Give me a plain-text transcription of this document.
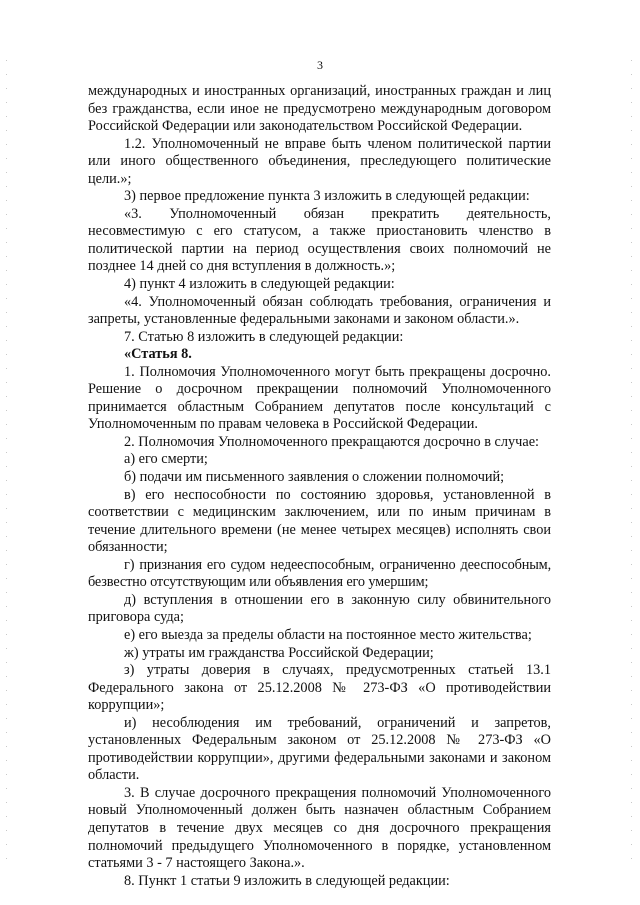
3

международных и иностранных организаций, иностранных граждан и лиц без гражданства, если иное не предусмотрено международным договором Российской Федерации или законодательством Российской Федерации.

1.2. Уполномоченный не вправе быть членом политической партии или иного общественного объединения, преследующего политические цели.»;

3) первое предложение пункта 3 изложить в следующей редакции:

«3. Уполномоченный обязан прекратить деятельность, несовместимую с его статусом, а также приостановить членство в политической партии на период осуществления своих полномочий не позднее 14 дней со дня вступления в должность.»;

4) пункт 4 изложить в следующей редакции:

«4. Уполномоченный обязан соблюдать требования, ограничения и запреты, установленные федеральными законами и законом области.».

7. Статью 8 изложить в следующей редакции:

«Статья 8.

1. Полномочия Уполномоченного могут быть прекращены досрочно. Решение о досрочном прекращении полномочий Уполномоченного принимается областным Собранием депутатов после консультаций с Уполномоченным по правам человека в Российской Федерации.

2. Полномочия Уполномоченного прекращаются досрочно в случае:

а) его смерти;

б) подачи им письменного заявления о сложении полномочий;

в) его неспособности по состоянию здоровья, установленной в соответствии с медицинским заключением, или по иным причинам в течение длительного времени (не менее четырех месяцев) исполнять свои обязанности;

г) признания его судом недееспособным, ограниченно дееспособным, безвестно отсутствующим или объявления его умершим;

д) вступления в отношении его в законную силу обвинительного приговора суда;

е) его выезда за пределы области на постоянное место жительства;

ж) утраты им гражданства Российской Федерации;

з) утраты доверия в случаях, предусмотренных статьей 13.1 Федерального закона от 25.12.2008 № 273-ФЗ «О противодействии коррупции»;

и) несоблюдения им требований, ограничений и запретов, установленных Федеральным законом от 25.12.2008 № 273-ФЗ «О противодействии коррупции», другими федеральными законами и законом области.

3. В случае досрочного прекращения полномочий Уполномоченного новый Уполномоченный должен быть назначен областным Собранием депутатов в течение двух месяцев со дня досрочного прекращения полномочий предыдущего Уполномоченного в порядке, установленном статьями 3 - 7 настоящего Закона.».

8. Пункт 1 статьи 9 изложить в следующей редакции:
